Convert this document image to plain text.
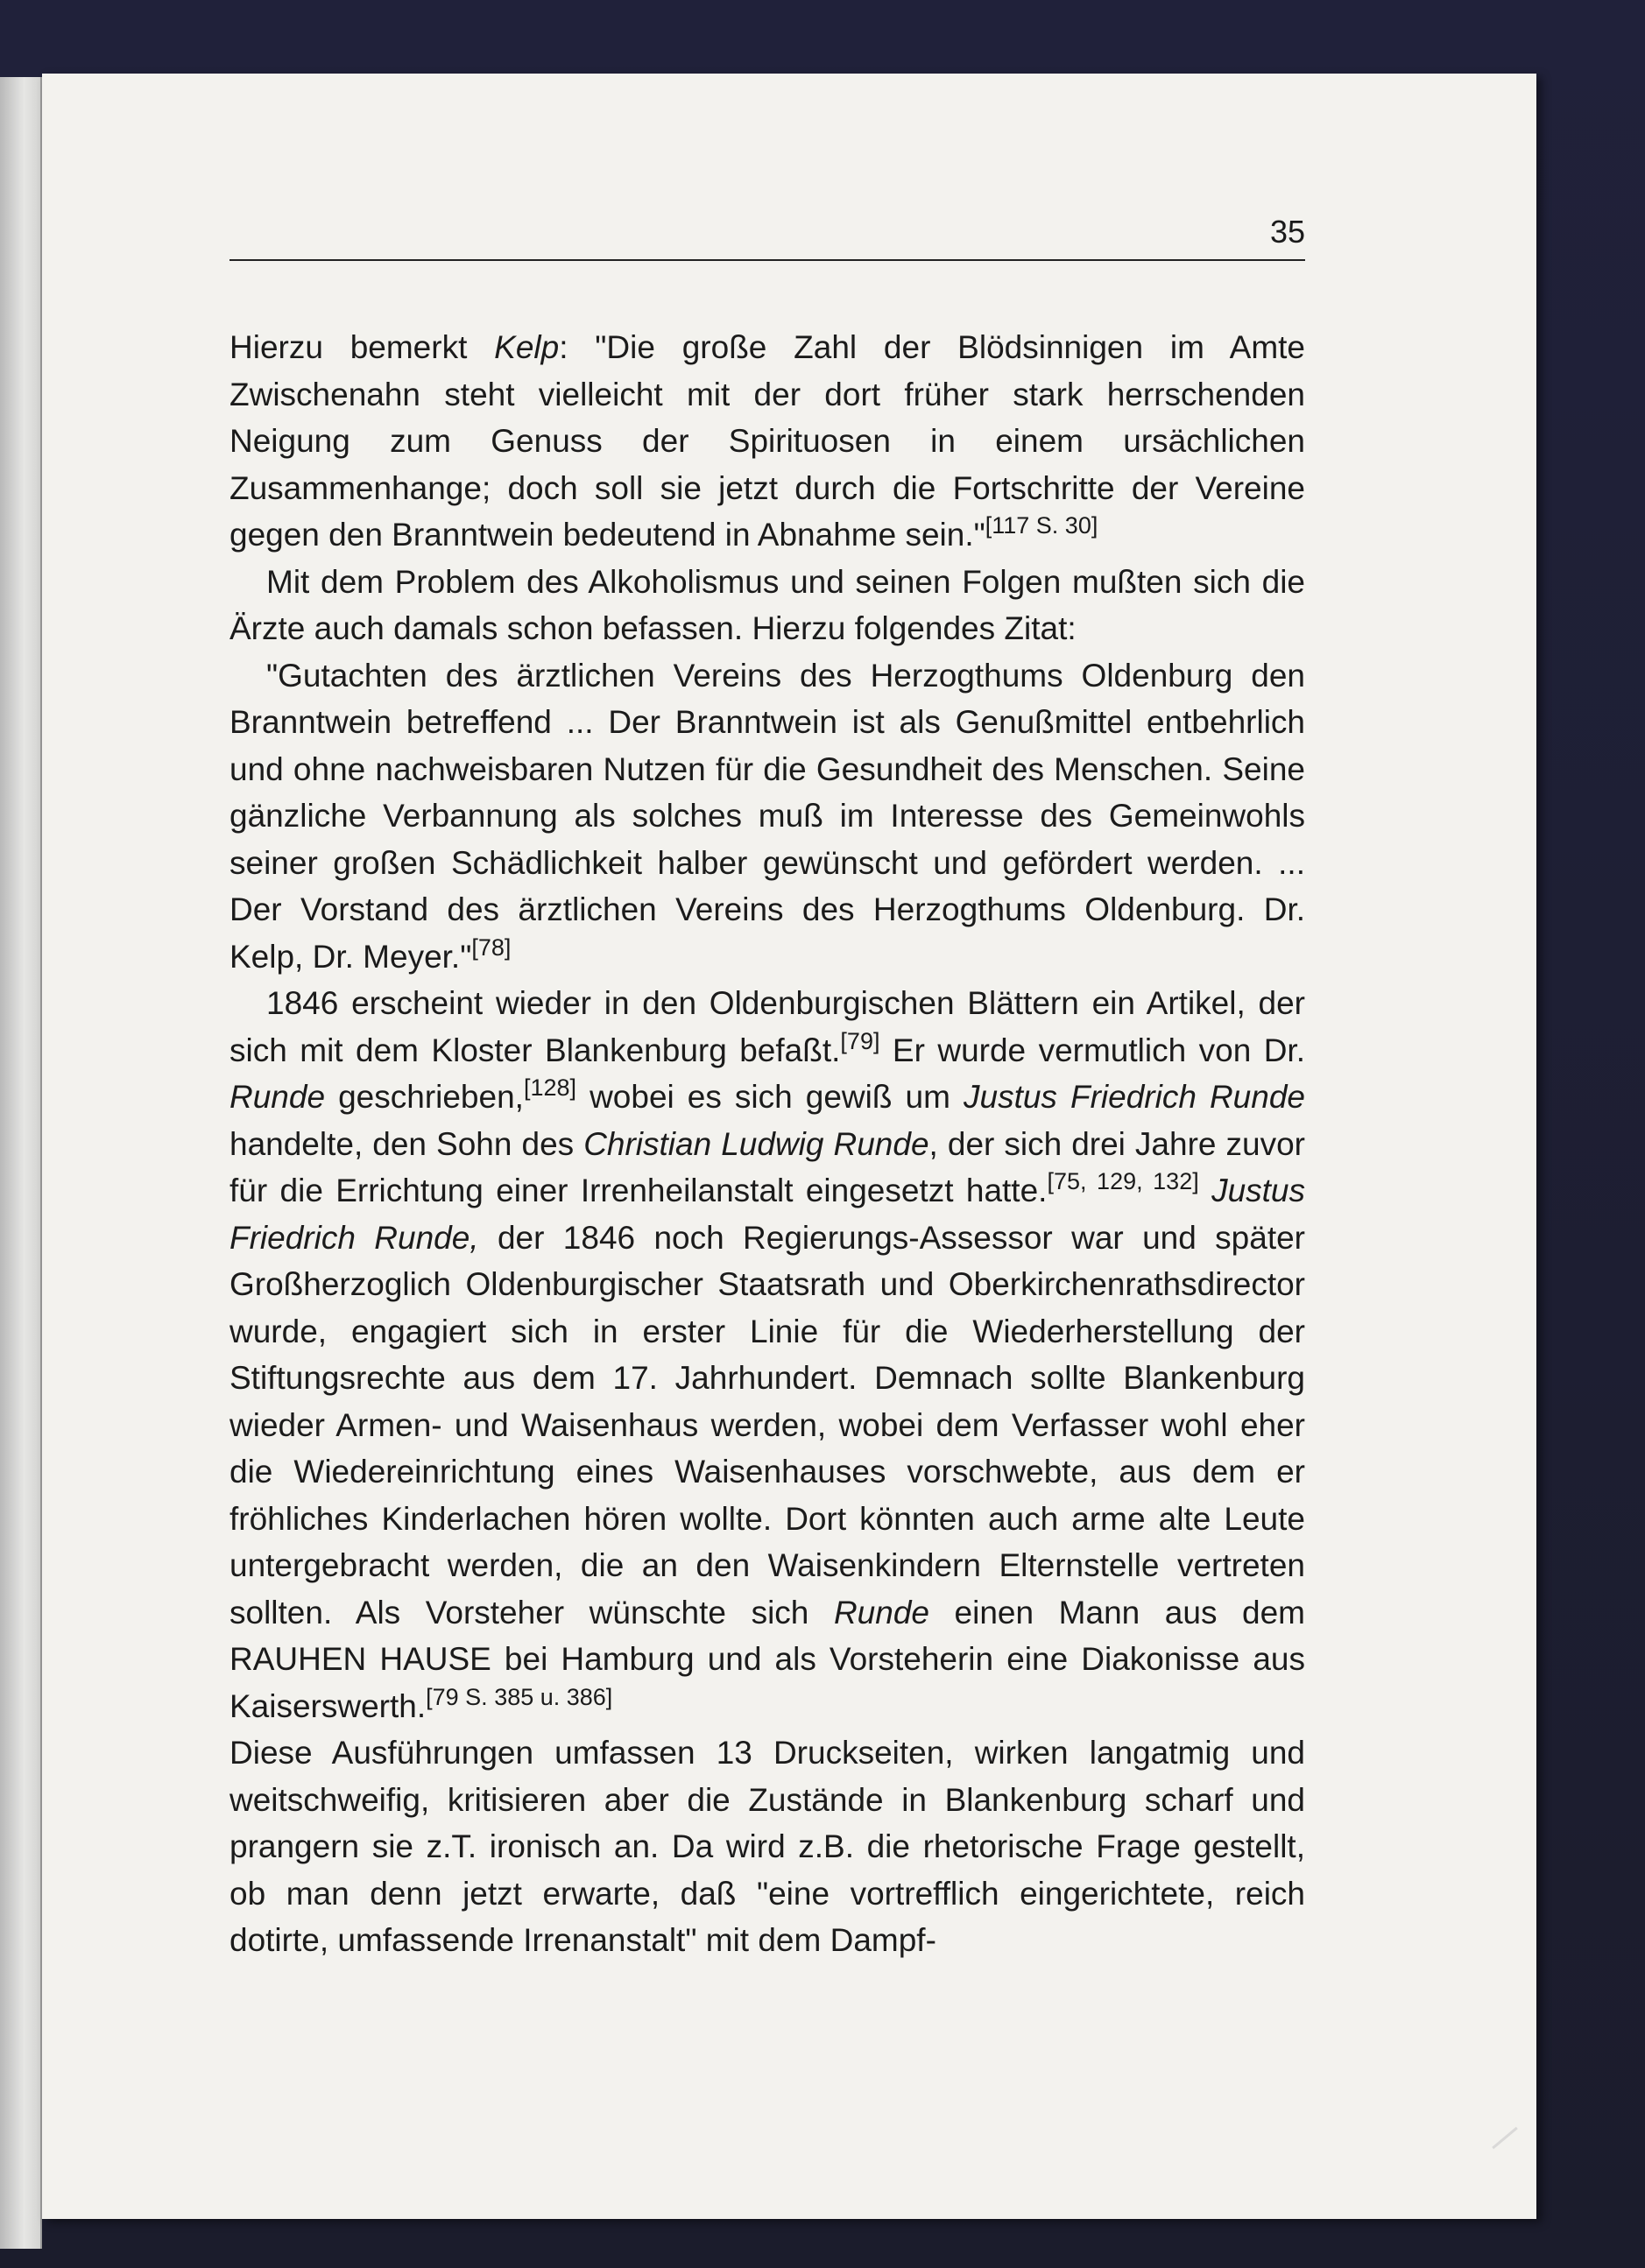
35

Hierzu bemerkt Kelp: "Die große Zahl der Blödsinnigen im Amte Zwischenahn steht vielleicht mit der dort früher stark herrschenden Neigung zum Genuss der Spirituosen in einem ursächlichen Zusammenhange; doch soll sie jetzt durch die Fortschritte der Vereine gegen den Branntwein bedeutend in Abnahme sein."[117 S. 30]

Mit dem Problem des Alkoholismus und seinen Folgen mußten sich die Ärzte auch damals schon befassen. Hierzu folgendes Zitat:

"Gutachten des ärztlichen Vereins des Herzogthums Oldenburg den Branntwein betreffend ... Der Branntwein ist als Genußmittel entbehrlich und ohne nachweisbaren Nutzen für die Gesundheit des Menschen. Seine gänzliche Verbannung als solches muß im Interesse des Gemeinwohls seiner großen Schädlichkeit halber gewünscht und gefördert werden. ... Der Vorstand des ärztlichen Vereins des Herzogthums Oldenburg. Dr. Kelp, Dr. Meyer."[78]

1846 erscheint wieder in den Oldenburgischen Blättern ein Artikel, der sich mit dem Kloster Blankenburg befaßt.[79] Er wurde vermutlich von Dr. Runde geschrieben,[128] wobei es sich gewiß um Justus Friedrich Runde handelte, den Sohn des Christian Ludwig Runde, der sich drei Jahre zuvor für die Errichtung einer Irrenheilanstalt eingesetzt hatte.[75, 129, 132] Justus Friedrich Runde, der 1846 noch Regierungs-Assessor war und später Großherzoglich Oldenburgischer Staatsrath und Oberkirchenrathsdirector wurde, engagiert sich in erster Linie für die Wiederherstellung der Stiftungsrechte aus dem 17. Jahrhundert. Demnach sollte Blankenburg wieder Armen- und Waisenhaus werden, wobei dem Verfasser wohl eher die Wiedereinrichtung eines Waisenhauses vorschwebte, aus dem er fröhliches Kinderlachen hören wollte. Dort könnten auch arme alte Leute untergebracht werden, die an den Waisenkindern Elternstelle vertreten sollten. Als Vorsteher wünschte sich Runde einen Mann aus dem RAUHEN HAUSE bei Hamburg und als Vorsteherin eine Diakonisse aus Kaiserswerth.[79 S. 385 u. 386]

Diese Ausführungen umfassen 13 Druckseiten, wirken langatmig und weitschweifig, kritisieren aber die Zustände in Blankenburg scharf und prangern sie z.T. ironisch an. Da wird z.B. die rhetorische Frage gestellt, ob man denn jetzt erwarte, daß "eine vortrefflich eingerichtete, reich dotirte, umfassende Irrenanstalt" mit dem Dampf-
